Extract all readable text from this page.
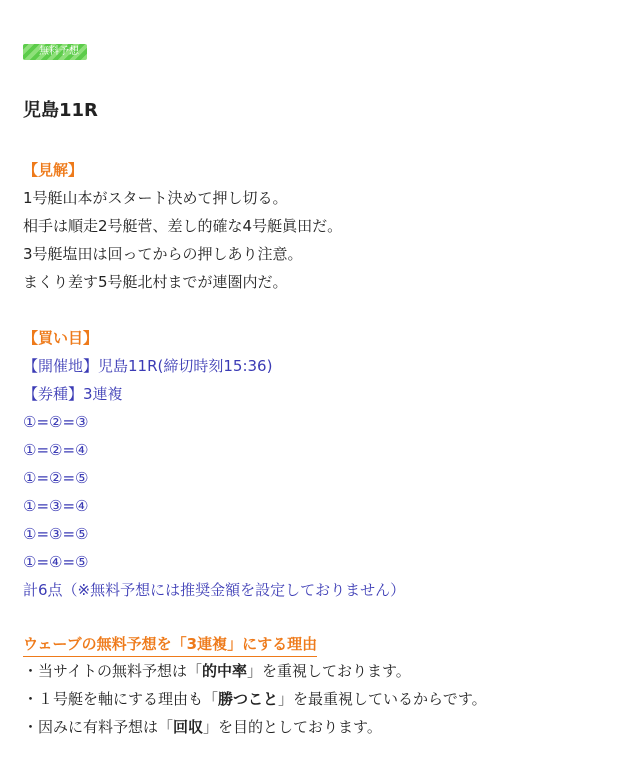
無料予想
児島11R
【見解】
1号艇山本がスタート決めて押し切る。
相手は順走2号艇菅、差し的確な4号艇眞田だ。
3号艇塩田は回ってからの押しあり注意。
まくり差す5号艇北村までが連圏内だ。
【買い目】
【開催地】児島11R(締切時刻15:36)
【券種】3連複
①=②=③
①=②=④
①=②=⑤
①=③=④
①=③=⑤
①=④=⑤
計6点（※無料予想には推奨金額を設定しておりません）
ウェーブの無料予想を「3連複」にする理由
・当サイトの無料予想は「的中率」を重視しております。
・１号艇を軸にする理由も「勝つこと」を最重視しているからです。
・因みに有料予想は「回収」を目的としております。
